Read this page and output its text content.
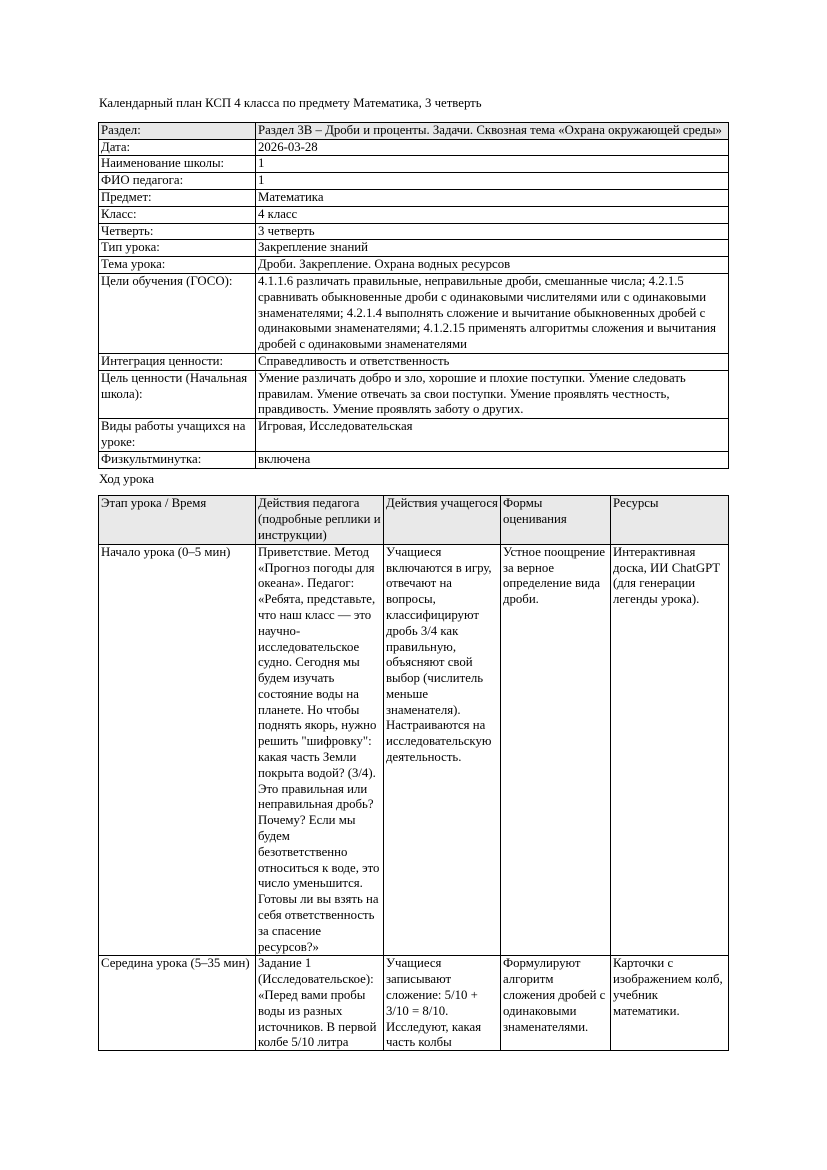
Календарный план КСП 4 класса по предмету Математика, 3 четверть

Раздел:	Раздел 3В – Дроби и проценты. Задачи. Сквозная тема «Охрана окружающей среды»
Дата:	2026-03-28
Наименование школы:	1
ФИО педагога:	1
Предмет:	Математика
Класс:	4 класс
Четверть:	3 четверть
Тип урока:	Закрепление знаний
Тема урока:	Дроби. Закрепление. Охрана водных ресурсов
Цели обучения (ГОСО):	4.1.1.6 различать правильные, неправильные дроби, смешанные числа; 4.2.1.5 сравнивать обыкновенные дроби с одинаковыми числителями или с одинаковыми знаменателями; 4.2.1.4 выполнять сложение и вычитание обыкновенных дробей с одинаковыми знаменателями; 4.1.2.15 применять алгоритмы сложения и вычитания дробей с одинаковыми знаменателями
Интеграция ценности:	Справедливость и ответственность
Цель ценности (Начальная школа):	Умение различать добро и зло, хорошие и плохие поступки. Умение следовать правилам. Умение отвечать за свои поступки. Умение проявлять честность, правдивость. Умение проявлять заботу о других.
Виды работы учащихся на уроке:	Игровая, Исследовательская
Физкультминутка:	включена

Ход урока

Этап урока / Время	Действия педагога (подробные реплики и инструкции)	Действия учащегося	Формы оценивания	Ресурсы
Начало урока (0–5 мин)	Приветствие. Метод «Прогноз погоды для океана». Педагог: «Ребята, представьте, что наш класс — это научно-исследовательское судно. Сегодня мы будем изучать состояние воды на планете. Но чтобы поднять якорь, нужно решить "шифровку": какая часть Земли покрыта водой? (3/4). Это правильная или неправильная дробь? Почему? Если мы будем безответственно относиться к воде, это число уменьшится. Готовы ли вы взять на себя ответственность за спасение ресурсов?»	Учащиеся включаются в игру, отвечают на вопросы, классифицируют дробь 3/4 как правильную, объясняют свой выбор (числитель меньше знаменателя). Настраиваются на исследовательскую деятельность.	Устное поощрение за верное определение вида дроби.	Интерактивная доска, ИИ ChatGPT (для генерации легенды урока).

Середина урока (5–35 мин)	Задание 1 (Исследовательское): «Перед вами пробы воды из разных источников. В первой колбе 5/10 литра	Учащиеся записывают сложение: 5/10 + 3/10 = 8/10. Исследуют, какая часть колбы	Формулируют алгоритм сложения дробей с одинаковыми знаменателями.	Карточки с изображением колб, учебник математики.
